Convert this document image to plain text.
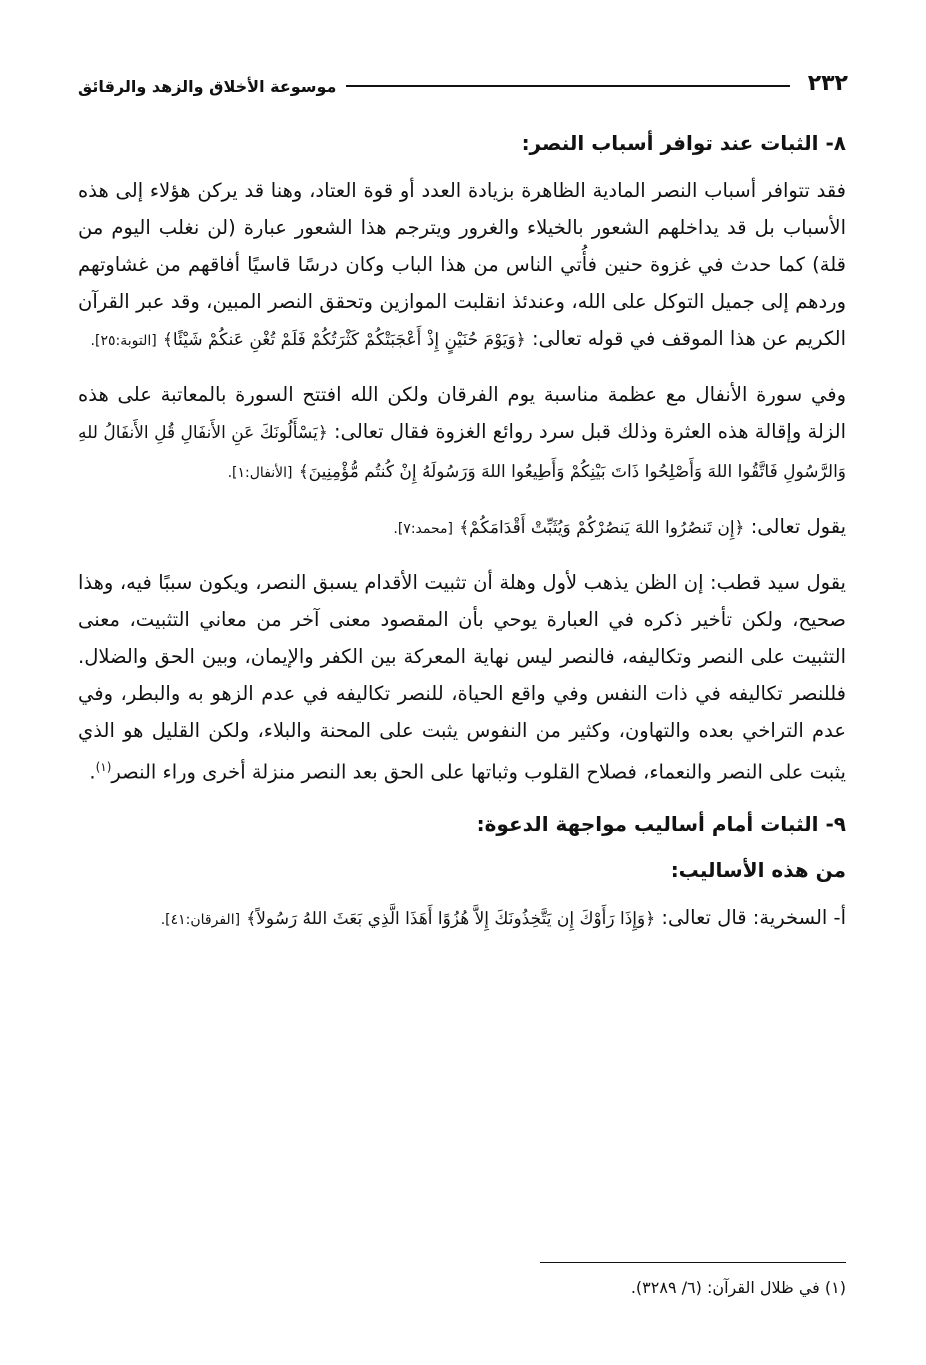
٢٣٢
موسوعة الأخلاق والزهد والرقائق
٨- الثبات عند توافر أسباب النصر:

فقد تتوافر أسباب النصر المادية الظاهرة بزيادة العدد أو قوة العتاد، وهنا قد يركن هؤلاء إلى هذه الأسباب بل قد يداخلهم الشعور بالخيلاء والغرور ويترجم هذا الشعور عبارة (لن نغلب اليوم من قلة) كما حدث في غزوة حنين فأُتي الناس من هذا الباب وكان درسًا قاسيًا أفاقهم من غشاوتهم وردهم إلى جميل التوكل على الله، وعندئذ انقلبت الموازين وتحقق النصر المبين، وقد عبر القرآن الكريم عن هذا الموقف في قوله تعالى: ﴿وَيَوْمَ حُنَيْنٍ إِذْ أَعْجَبَتْكُمْ كَثْرَتُكُمْ فَلَمْ تُغْنِ عَنكُمْ شَيْئًا﴾ [التوبة:٢٥].

وفي سورة الأنفال مع عظمة مناسبة يوم الفرقان ولكن الله افتتح السورة بالمعاتبة على هذه الزلة وإقالة هذه العثرة وذلك قبل سرد روائع الغزوة فقال تعالى: ﴿يَسْأَلُونَكَ عَنِ الأَنفَالِ قُلِ الأَنفَالُ للهِ وَالرَّسُولِ فَاتَّقُوا اللهَ وَأَصْلِحُوا ذَاتَ بَيْنِكُمْ وَأَطِيعُوا اللهَ وَرَسُولَهُ إِنْ كُنتُم مُّؤْمِنِينَ﴾ [الأنفال:١].

يقول تعالى: ﴿إِن تَنصُرُوا اللهَ يَنصُرْكُمْ وَيُثَبِّتْ أَقْدَامَكُمْ﴾ [محمد:٧].

يقول سيد قطب: إن الظن يذهب لأول وهلة أن تثبيت الأقدام يسبق النصر، ويكون سببًا فيه، وهذا صحيح، ولكن تأخير ذكره في العبارة يوحي بأن المقصود معنى آخر من معاني التثبيت، معنى التثبيت على النصر وتكاليفه، فالنصر ليس نهاية المعركة بين الكفر والإيمان، وبين الحق والضلال. فللنصر تكاليفه في ذات النفس وفي واقع الحياة، للنصر تكاليفه في عدم الزهو به والبطر، وفي عدم التراخي بعده والتهاون، وكثير من النفوس يثبت على المحنة والبلاء، ولكن القليل هو الذي يثبت على النصر والنعماء، فصلاح القلوب وثباتها على الحق بعد النصر منزلة أخرى وراء النصر$^{(١)}$.

٩- الثبات أمام أساليب مواجهة الدعوة:
من هذه الأساليب:

أ- السخرية: قال تعالى: ﴿وَإِذَا رَأَوْكَ إِن يَتَّخِذُونَكَ إِلاَّ هُزُوًا أَهَذَا الَّذِي بَعَثَ اللهُ رَسُولاً﴾ [الفرقان:٤١].

(١) في ظلال القرآن: (٦/ ٣٢٨٩).
